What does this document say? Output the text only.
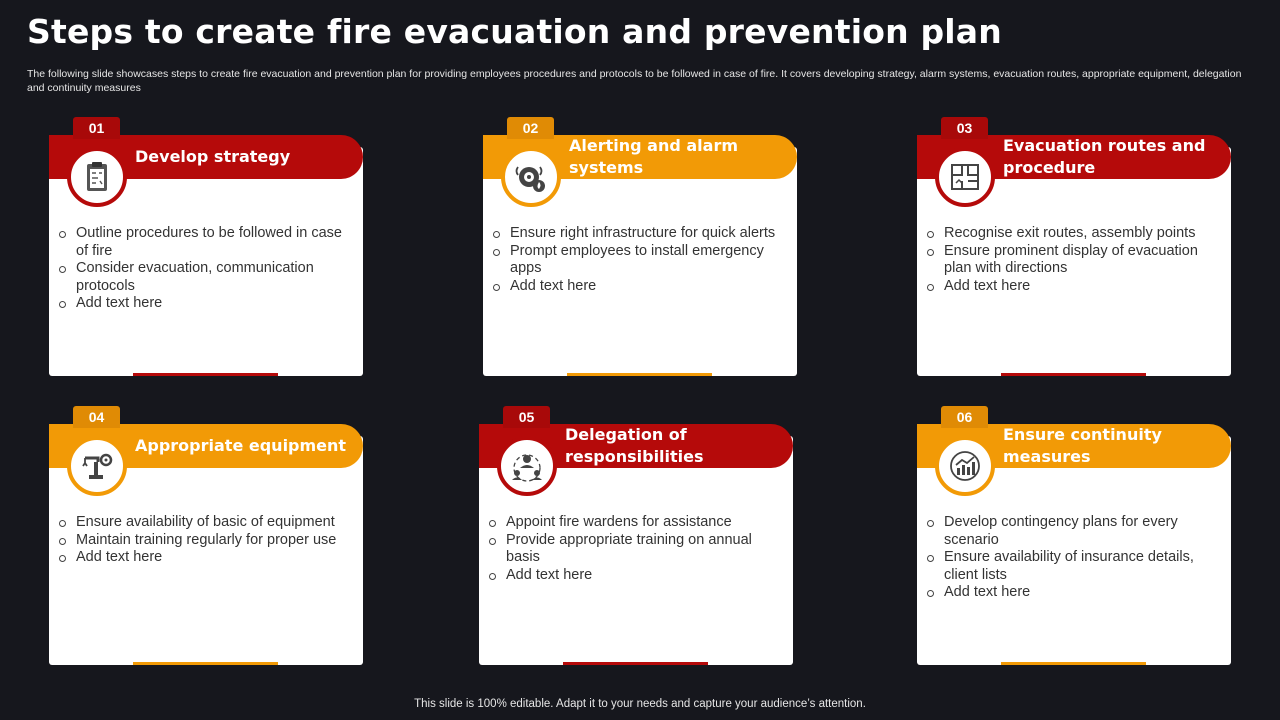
Steps to create fire evacuation and prevention plan
The following slide showcases steps to create fire evacuation and prevention plan for providing employees procedures and protocols to be followed in case of fire. It covers developing strategy, alarm systems, evacuation routes, appropriate equipment, delegation and continuity measures
01
Develop strategy
Outline procedures to be followed in case of fire
Consider evacuation, communication protocols
Add text here
02
Alerting and alarm systems
Ensure right infrastructure for quick alerts
Prompt employees to install emergency apps
Add text here
03
Evacuation routes and procedure
Recognise exit routes, assembly points
Ensure prominent display of evacuation plan with directions
Add text here
04
Appropriate equipment
Ensure availability of basic of equipment
Maintain training regularly for proper use
Add text here
05
Delegation of responsibilities
Appoint fire wardens for assistance
Provide appropriate training on annual basis
Add text here
06
Ensure continuity measures
Develop contingency plans for every scenario
Ensure availability of insurance details, client lists
Add text here
This slide is 100% editable. Adapt it to your needs and capture your audience’s attention.
